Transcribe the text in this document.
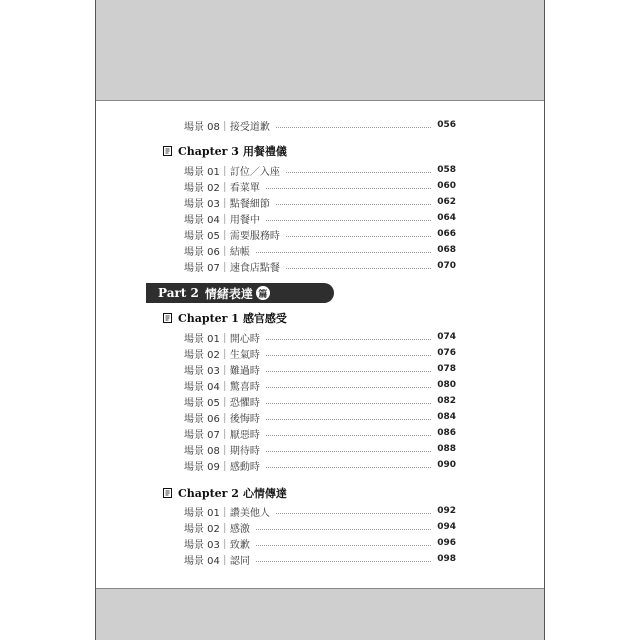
場景 08｜接受道歉	056
Chapter 3 用餐禮儀
場景 01｜訂位／入座	058
場景 02｜看菜單	060
場景 03｜點餐細節	062
場景 04｜用餐中	064
場景 05｜需要服務時	066
場景 06｜結帳	068
場景 07｜速食店點餐	070
Part 2 情緒表達 篇
Chapter 1 感官感受
場景 01｜開心時	074
場景 02｜生氣時	076
場景 03｜難過時	078
場景 04｜驚喜時	080
場景 05｜恐懼時	082
場景 06｜後悔時	084
場景 07｜厭惡時	086
場景 08｜期待時	088
場景 09｜感動時	090
Chapter 2 心情傳達
場景 01｜讚美他人	092
場景 02｜感激	094
場景 03｜致歉	096
場景 04｜認同	098
